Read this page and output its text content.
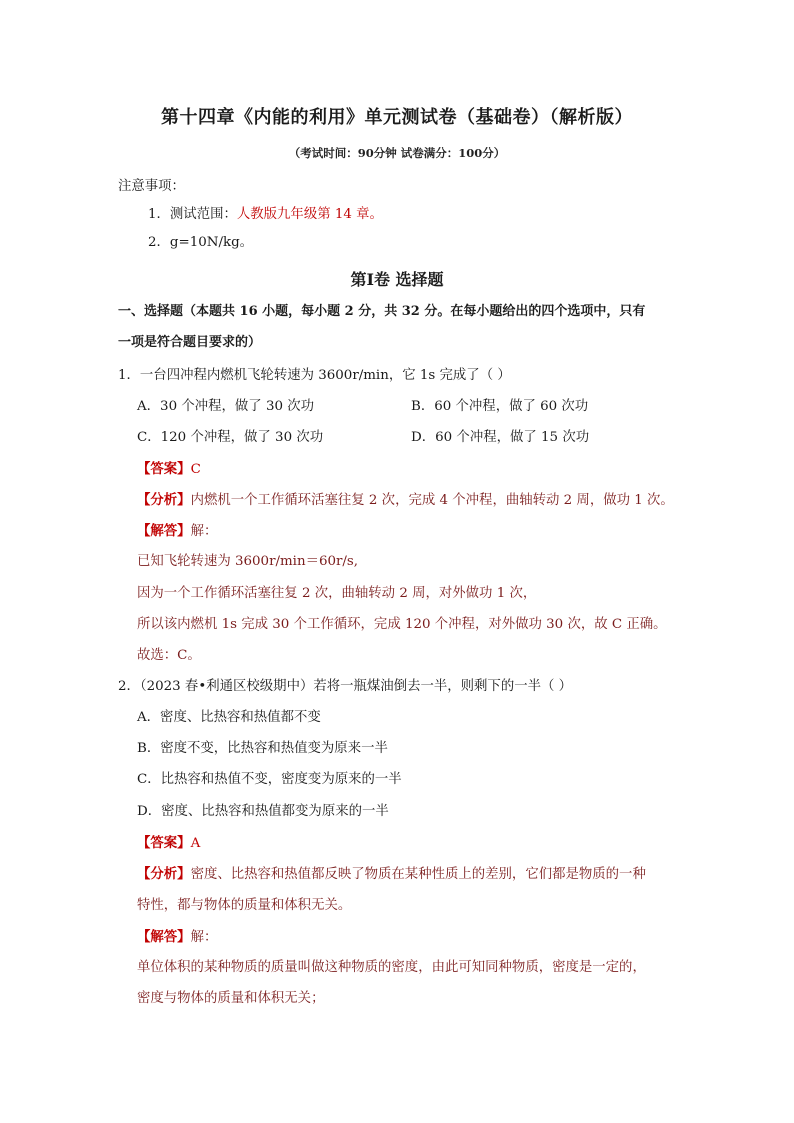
第十四章《内能的利用》单元测试卷（基础卷）（解析版）
（考试时间：90分钟 试卷满分：100分）
注意事项：
1．测试范围：人教版九年级第 14 章。
2．g=10N/kg。
第Ⅰ卷 选择题
一、选择题（本题共 16 小题，每小题 2 分，共 32 分。在每小题给出的四个选项中，只有
一项是符合题目要求的）
1．一台四冲程内燃机飞轮转速为 3600r/min，它 1s 完成了（ ）
A．30 个冲程，做了 30 次功	B．60 个冲程，做了 60 次功
C．120 个冲程，做了 30 次功	D．60 个冲程，做了 15 次功
【答案】C
【分析】内燃机一个工作循环活塞往复 2 次，完成 4 个冲程，曲轴转动 2 周，做功 1 次。
【解答】解：
已知飞轮转速为 3600r/min＝60r/s,
因为一个工作循环活塞往复 2 次，曲轴转动 2 周，对外做功 1 次，
所以该内燃机 1s 完成 30 个工作循环，完成 120 个冲程，对外做功 30 次，故 C 正确。
故选：C。
2．（2023 春•利通区校级期中）若将一瓶煤油倒去一半，则剩下的一半（ ）
A．密度、比热容和热值都不变
B．密度不变，比热容和热值变为原来一半
C．比热容和热值不变，密度变为原来的一半
D．密度、比热容和热值都变为原来的一半
【答案】A
【分析】密度、比热容和热值都反映了物质在某种性质上的差别，它们都是物质的一种
特性，都与物体的质量和体积无关。
【解答】解：
单位体积的某种物质的质量叫做这种物质的密度，由此可知同种物质，密度是一定的，
密度与物体的质量和体积无关；
